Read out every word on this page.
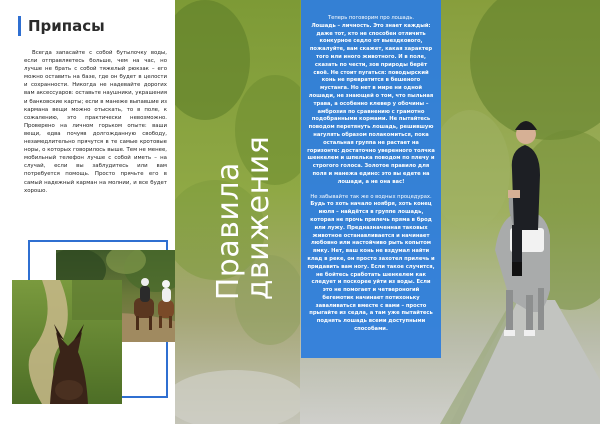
Припасы
Всегда запасайте с собой бутылочку воды, если отправляетесь больше, чем на час, но лучше не брать с собой тяжелый рюкзак – его можно оставить на базе, где он будет в целости и сохранности. Никогда не надевайте дорогих вам аксессуаров: оставьте наушники, украшения и банковские карты; если в манеже выпавшие из кармана вещи можно отыскать, то в поле, к сожалению, это практически невозможно. Проверено на личном горьком опыте: ваши вещи, едва почуяв долгожданную свободу, незамедлительно прячутся в те самые кротовые норы, о которых говорилось выше. Тем не менее, мобильный телефон лучше с собой иметь – на случай, если вы заблудитесь или вам потребуется помощь. Просто прячьте его в самый надежный карман на молнии, и все будет хорошо.	Правила
движения

Теперь поговорим про лошадь.
Лошадь – личность. Это знает каждый: даже тот, кто не способен отличить конкурное седло от выездкового, пожалуйте, вам скажет, какая характер того или иного животного. И в поле, сказать по чести, зов природы берёт своё. Не стоит пугаться: поводырский конь не превратится в бешеного мустанга. Но нет в мире ни одной лошади, не знающей о том, что пыльная трава, а особенно клевер у обочины – амброзия по сравнению с грамотно подобранными кормами. Не пытайтесь поводом перетянуть лошадь, решившую нагулять образом полакомиться, пока остальная группа не растает на горизонте: достаточно уверенного толчка шенкелем и шпелька поводом по плечу и строгого голоса. Золотое правило для поля и манежа едино: это вы едете на лошади, а не она вас!

Не забывайте так же о водных процедурах.
Будь то хоть начало ноября, хоть конец июля – найдётся в группе лошадь, которая не прочь прилечь пряма в брод или лужу. Предназначенная таковых животное останавливается и начинает любовно или настойчиво рыть копытом ямку. Нет, ваш конь не вздумал найти клад в реке, он просто захотел прилечь и придавить вам ногу. Если такое случится, не бойтесь сработать шенкелем как следует и поскорее уйти из воды. Если это не помогает и четвероногий бегемотик начинает потихоньку заваливаться вместе с вами – просто прыгайте из седла, а там уже пытайтесь поднять лошадь всеми доступными способами.
